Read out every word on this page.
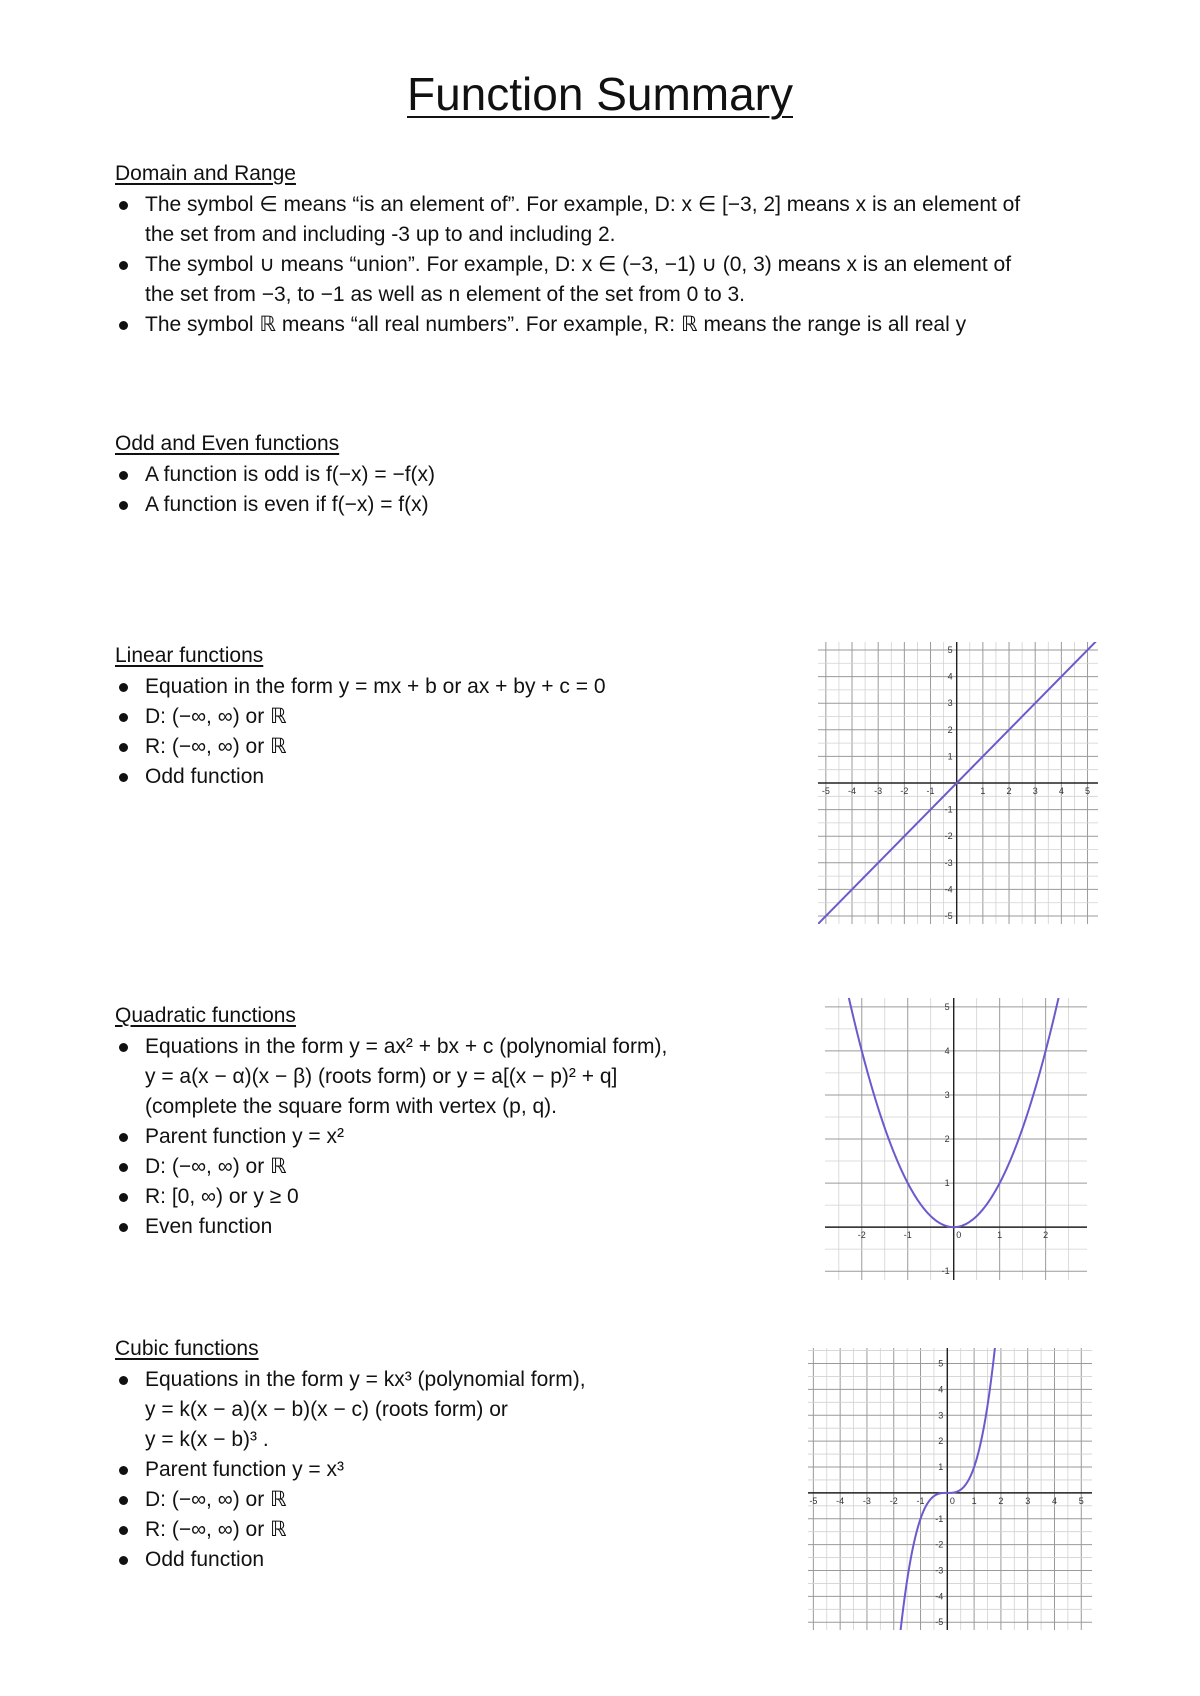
Function Summary
Domain and Range
The symbol ∈ means “is an element of”. For example, D: x ∈ [−3, 2] means x is an element of
the set from and including -3 up to and including 2.
The symbol ∪ means “union”. For example, D: x ∈ (−3, −1) ∪ (0, 3) means x is an element of
the set from −3, to −1 as well as n element of the set from 0 to 3.
The symbol ℝ means “all real numbers”. For example, R: ℝ means the range is all real y
Odd and Even functions
A function is odd is f(−x) = −f(x)
A function is even if f(−x) = f(x)
Linear functions
Equation in the form y = mx + b or ax + by + c = 0
D: (−∞, ∞) or ℝ
R: (−∞, ∞) or ℝ
Odd function
Quadratic functions
Equations in the form y = ax² + bx + c (polynomial form),
y = a(x − α)(x − β) (roots form) or y = a[(x − p)² + q]
(complete the square form with vertex (p, q).
Parent function y = x²
D: (−∞, ∞) or ℝ
R: [0, ∞) or y ≥ 0
Even function
Cubic functions
Equations in the form y = kx³ (polynomial form),
y = k(x − a)(x − b)(x − c) (roots form) or
y = k(x − b)³ .
Parent function y = x³
D: (−∞, ∞) or ℝ
R: (−∞, ∞) or ℝ
Odd function
-5 -4 -3 -2 -1	1 2 3 4 5
5
4
3
2
1
-1
-2
-3
-4
-5
-2	-1	0	1	2
5
4
3
2
1
-1
-5 -4 -3 -2 -1	0 1 2 3 4 5
5
4
3
2
1
-1
-2
-3
-4
-5
